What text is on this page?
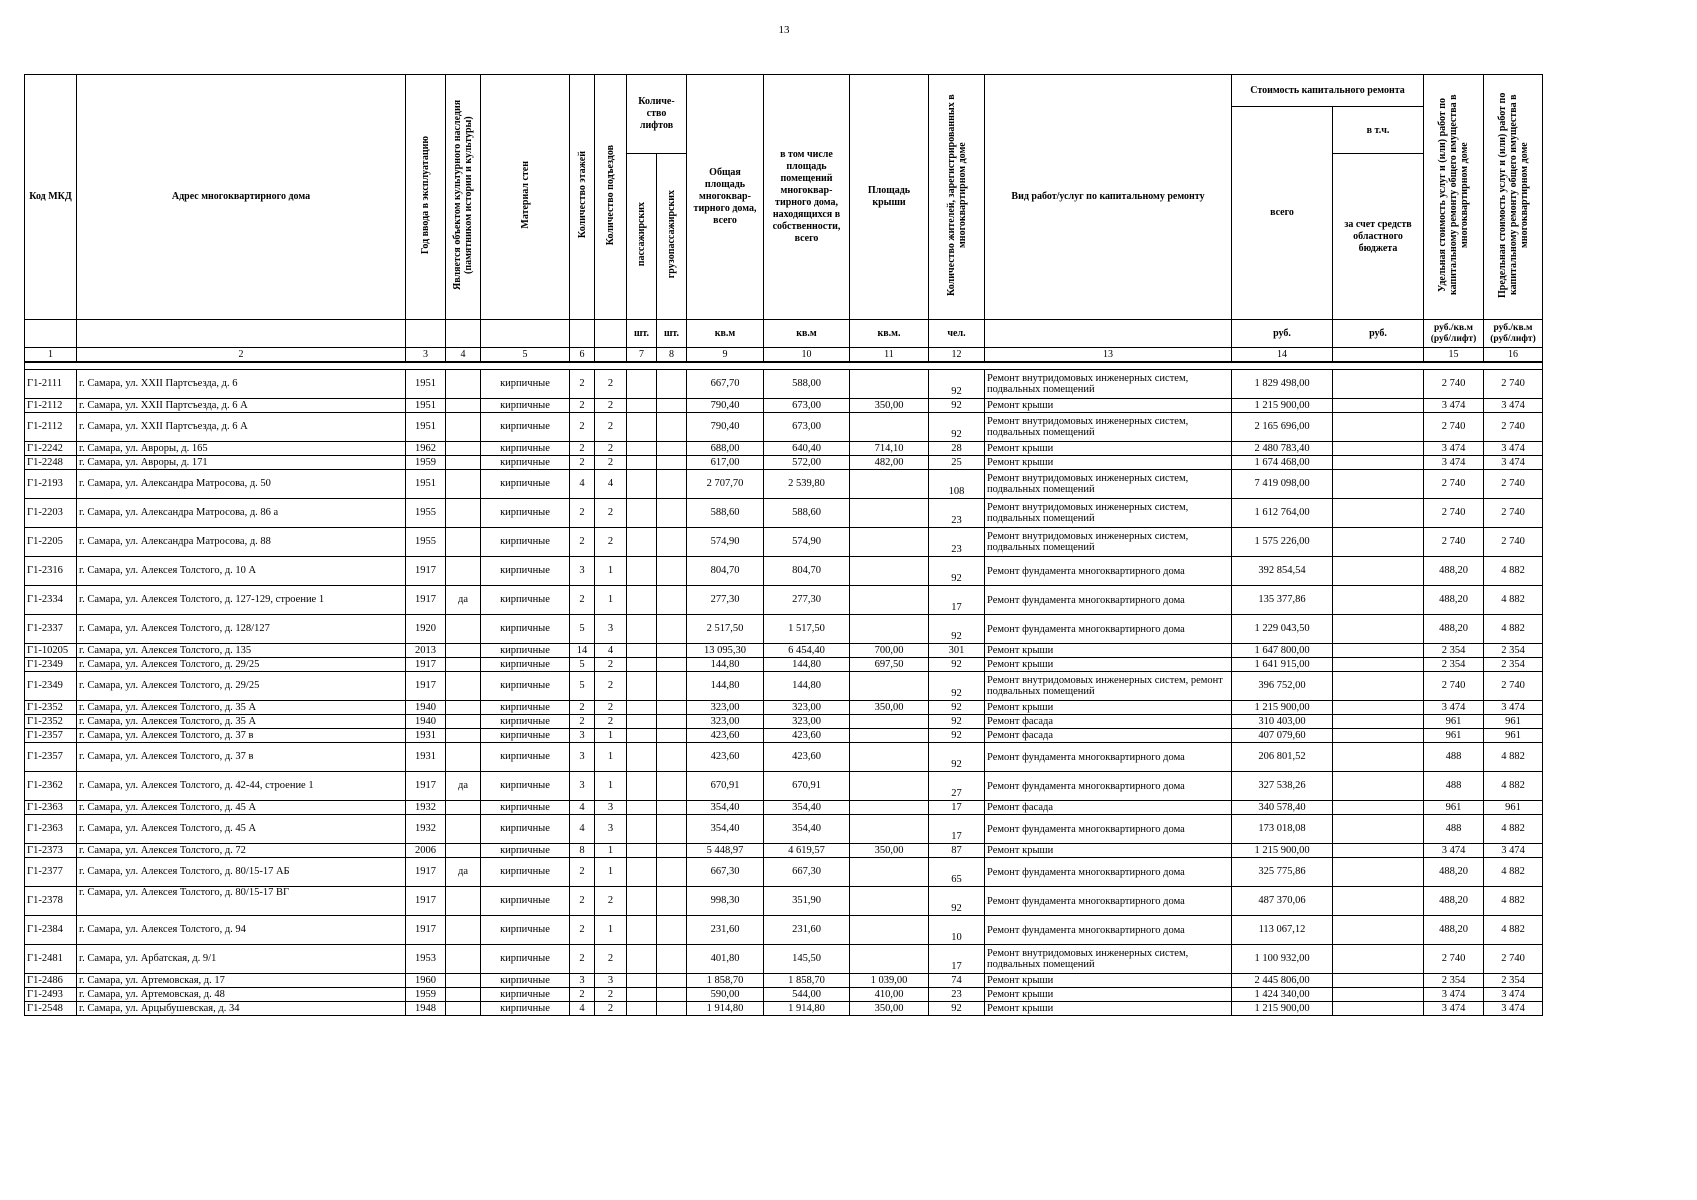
13
Код МКД	Адрес многоквартирного дома	Год ввода в эксплуатацию	Является объектом культурного наследия (памятником истории и культуры)	Материал стен	Количество этажей	Количество подъездов	Количе-ство лифтов		Общая площадь многоквар-тирного дома, всего	в том числе площадь помещений многоквар-тирного дома, находящихся в собственности, всего	Площадь крыши	Количество жителей, зарегистрированных в многоквартирном доме	Вид работ/услуг по капитальному ремонту	Стоимость капитального ремонта		Удельная стоимость услуг и (или) работ по капитальному ремонту общего имущества в многоквартирном доме	Предельная стоимость услуг и (или) работ по капитальному ремонту общего имущества в многоквартирном доме
														всего	в т.ч.		
							пассажирских	грузопассажирских							за счет средств областного бюджета		
							шт.	шт.	кв.м	кв.м	кв.м.	чел.		руб.	руб.	руб./кв.м (руб/лифт)	руб./кв.м (руб/лифт)
1	2	3	4	5	6		7	8	9	10	11	12	13	14		15	16

Г1-2111	г. Самара, ул. XXII Партсъезда, д. 6	1951		кирпичные	2	2			667,70	588,00		92	Ремонт внутридомовых инженерных систем, подвальных помещений	1 829 498,00		2 740	2 740
Г1-2112	г. Самара, ул. XXII Партсъезда, д. 6 А	1951		кирпичные	2	2			790,40	673,00	350,00	92	Ремонт крыши	1 215 900,00		3 474	3 474
Г1-2112	г. Самара, ул. XXII Партсъезда, д. 6 А	1951		кирпичные	2	2			790,40	673,00		92	Ремонт внутридомовых инженерных систем, подвальных помещений	2 165 696,00		2 740	2 740
Г1-2242	г. Самара, ул. Авроры, д. 165	1962		кирпичные	2	2			688,00	640,40	714,10	28	Ремонт крыши	2 480 783,40		3 474	3 474
Г1-2248	г. Самара, ул. Авроры, д. 171	1959		кирпичные	2	2			617,00	572,00	482,00	25	Ремонт крыши	1 674 468,00		3 474	3 474
Г1-2193	г. Самара, ул. Александра Матросова, д. 50	1951		кирпичные	4	4			2 707,70	2 539,80		108	Ремонт внутридомовых инженерных систем, подвальных помещений	7 419 098,00		2 740	2 740
Г1-2203	г. Самара, ул. Александра Матросова, д. 86 а	1955		кирпичные	2	2			588,60	588,60		23	Ремонт внутридомовых инженерных систем, подвальных помещений	1 612 764,00		2 740	2 740
Г1-2205	г. Самара, ул. Александра Матросова, д. 88	1955		кирпичные	2	2			574,90	574,90		23	Ремонт внутридомовых инженерных систем, подвальных помещений	1 575 226,00		2 740	2 740
Г1-2316	г. Самара, ул. Алексея Толстого, д. 10 А	1917		кирпичные	3	1			804,70	804,70		92	Ремонт фундамента многоквартирного дома	392 854,54		488,20	4 882
Г1-2334	г. Самара, ул. Алексея Толстого, д. 127-129, строение 1	1917	да	кирпичные	2	1			277,30	277,30		17	Ремонт фундамента многоквартирного дома	135 377,86		488,20	4 882
Г1-2337	г. Самара, ул. Алексея Толстого, д. 128/127	1920		кирпичные	5	3			2 517,50	1 517,50		92	Ремонт фундамента многоквартирного дома	1 229 043,50		488,20	4 882
Г1-10205	г. Самара, ул. Алексея Толстого, д. 135	2013		кирпичные	14	4			13 095,30	6 454,40	700,00	301	Ремонт крыши	1 647 800,00		2 354	2 354
Г1-2349	г. Самара, ул. Алексея Толстого, д. 29/25	1917		кирпичные	5	2			144,80	144,80	697,50	92	Ремонт крыши	1 641 915,00		2 354	2 354
Г1-2349	г. Самара, ул. Алексея Толстого, д. 29/25	1917		кирпичные	5	2			144,80	144,80		92	Ремонт внутридомовых инженерных систем, ремонт подвальных помещений	396 752,00		2 740	2 740
Г1-2352	г. Самара, ул. Алексея Толстого, д. 35 А	1940		кирпичные	2	2			323,00	323,00	350,00	92	Ремонт крыши	1 215 900,00		3 474	3 474
Г1-2352	г. Самара, ул. Алексея Толстого, д. 35 А	1940		кирпичные	2	2			323,00	323,00		92	Ремонт фасада	310 403,00		961	961
Г1-2357	г. Самара, ул. Алексея Толстого, д. 37 в	1931		кирпичные	3	1			423,60	423,60		92	Ремонт фасада	407 079,60		961	961
Г1-2357	г. Самара, ул. Алексея Толстого, д. 37 в	1931		кирпичные	3	1			423,60	423,60		92	Ремонт фундамента многоквартирного дома	206 801,52		488	4 882
Г1-2362	г. Самара, ул. Алексея Толстого, д. 42-44, строение 1	1917	да	кирпичные	3	1			670,91	670,91		27	Ремонт фундамента многоквартирного дома	327 538,26		488	4 882
Г1-2363	г. Самара, ул. Алексея Толстого, д. 45 А	1932		кирпичные	4	3			354,40	354,40		17	Ремонт фасада	340 578,40		961	961
Г1-2363	г. Самара, ул. Алексея Толстого, д. 45 А	1932		кирпичные	4	3			354,40	354,40		17	Ремонт фундамента многоквартирного дома	173 018,08		488	4 882
Г1-2373	г. Самара, ул. Алексея Толстого, д. 72	2006		кирпичные	8	1			5 448,97	4 619,57	350,00	87	Ремонт крыши	1 215 900,00		3 474	3 474
Г1-2377	г. Самара, ул. Алексея Толстого, д. 80/15-17 АБ	1917	да	кирпичные	2	1			667,30	667,30		65	Ремонт фундамента многоквартирного дома	325 775,86		488,20	4 882
Г1-2378	г. Самара, ул. Алексея Толстого, д. 80/15-17 ВГ	1917		кирпичные	2	2			998,30	351,90		92	Ремонт фундамента многоквартирного дома	487 370,06		488,20	4 882
Г1-2384	г. Самара, ул. Алексея Толстого, д. 94	1917		кирпичные	2	1			231,60	231,60		10	Ремонт фундамента многоквартирного дома	113 067,12		488,20	4 882
Г1-2481	г. Самара, ул. Арбатская, д. 9/1	1953		кирпичные	2	2			401,80	145,50		17	Ремонт внутридомовых инженерных систем, подвальных помещений	1 100 932,00		2 740	2 740
Г1-2486	г. Самара, ул. Артемовская, д. 17	1960		кирпичные	3	3			1 858,70	1 858,70	1 039,00	74	Ремонт крыши	2 445 806,00		2 354	2 354
Г1-2493	г. Самара, ул. Артемовская, д. 48	1959		кирпичные	2	2			590,00	544,00	410,00	23	Ремонт крыши	1 424 340,00		3 474	3 474
Г1-2548	г. Самара, ул. Арцыбушевская, д. 34	1948		кирпичные	4	2			1 914,80	1 914,80	350,00	92	Ремонт крыши	1 215 900,00		3 474	3 474
